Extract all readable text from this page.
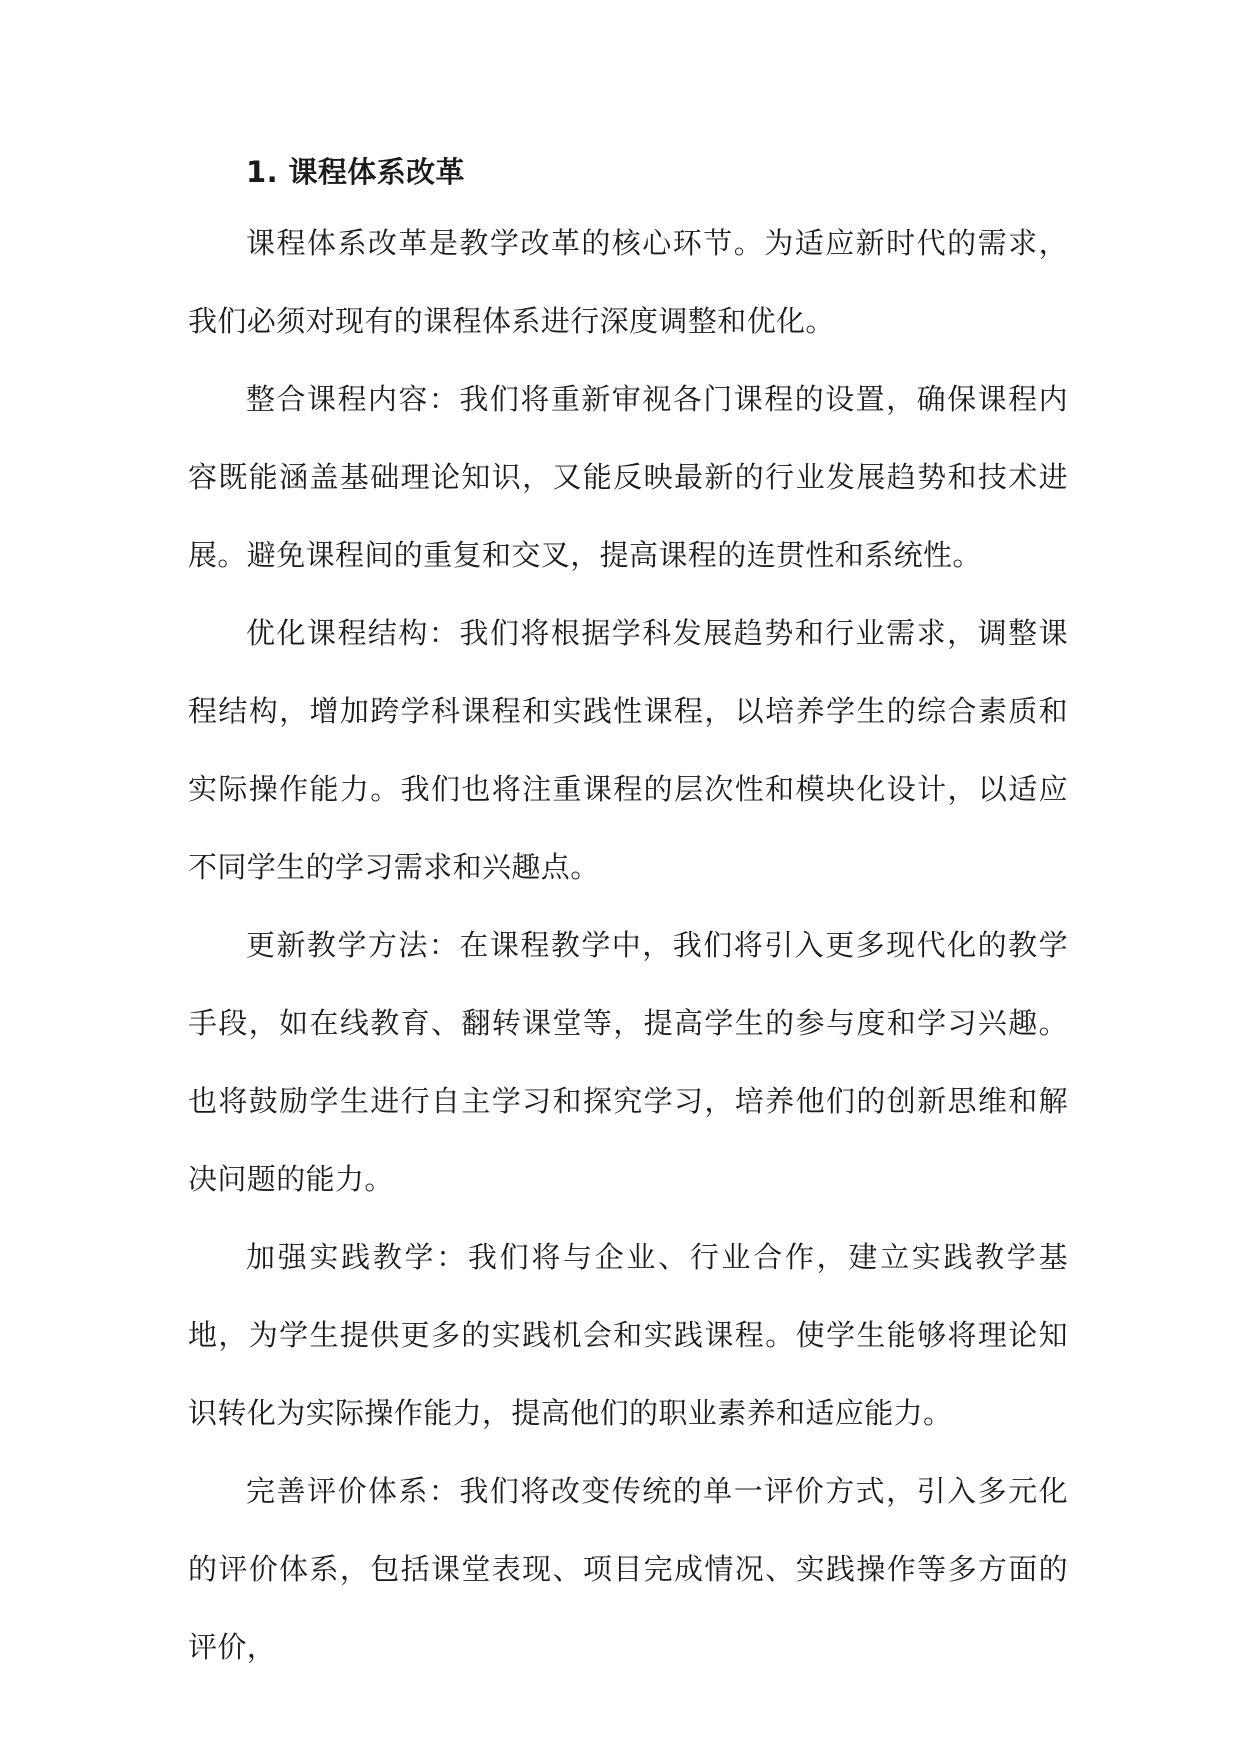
1. 课程体系改革

课程体系改革是教学改革的核心环节。为适应新时代的需求，我们必须对现有的课程体系进行深度调整和优化。

整合课程内容：我们将重新审视各门课程的设置，确保课程内容既能涵盖基础理论知识，又能反映最新的行业发展趋势和技术进展。避免课程间的重复和交叉，提高课程的连贯性和系统性。

优化课程结构：我们将根据学科发展趋势和行业需求，调整课程结构，增加跨学科课程和实践性课程，以培养学生的综合素质和实际操作能力。我们也将注重课程的层次性和模块化设计，以适应不同学生的学习需求和兴趣点。

更新教学方法：在课程教学中，我们将引入更多现代化的教学手段，如在线教育、翻转课堂等，提高学生的参与度和学习兴趣。也将鼓励学生进行自主学习和探究学习，培养他们的创新思维和解决问题的能力。

加强实践教学：我们将与企业、行业合作，建立实践教学基地，为学生提供更多的实践机会和实践课程。使学生能够将理论知识转化为实际操作能力，提高他们的职业素养和适应能力。

完善评价体系：我们将改变传统的单一评价方式，引入多元化的评价体系，包括课堂表现、项目完成情况、实践操作等多方面的评价，
